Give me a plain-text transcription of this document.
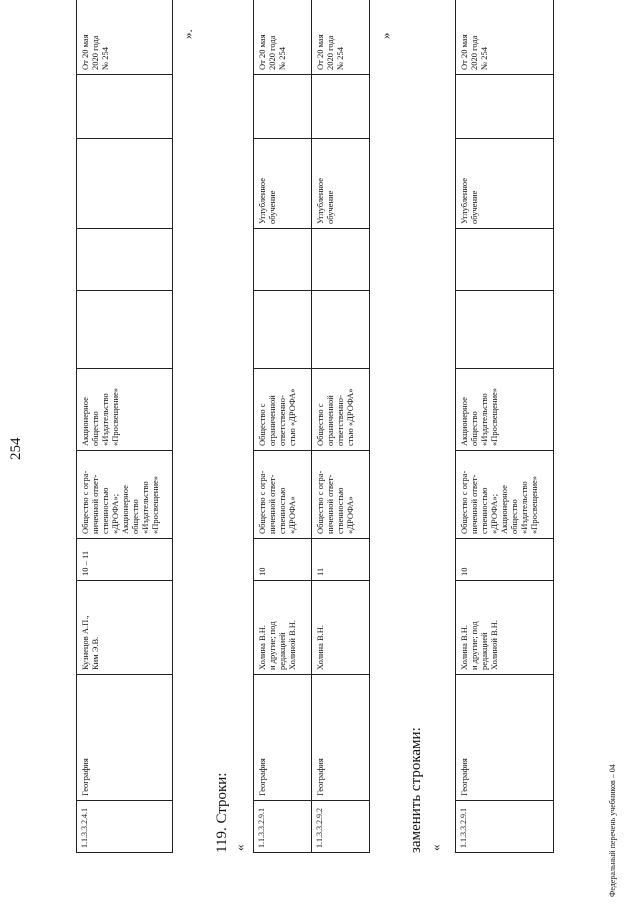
254
1.1.3.3.2.4.1	География	Кузнецов А.П.,
Ким Э.В.	10 – 11	Общество с огра-
ниченной ответ-
ственностью
«ДРОФА»;
Акционерное
общество
«Издательство
«Просвещение»	Акционерное
общество
«Издательство
«Просвещение»					От 20 мая
2020 года
№ 254	
».
119. Строки: « 1.1.3.3.2.9.1	География	Холина В.Н.
и другие; под
редакцией
Холиной В.Н.	10	Общество с огра-
ниченной ответ-
ственностью
«ДРОФА»	Общество с
ограниченной
ответственно-
стью «ДРОФА»			Углубленное
обучение		От 20 мая
2020 года
№ 254	
1.1.3.3.2.9.2	География	Холина В.Н.	11	Общество с огра-
ниченной ответ-
ственностью
«ДРОФА»	Общество с
ограниченной
ответственно-
стью «ДРОФА»			Углубленное
обучение		От 20 мая
2020 года
№ 254	
»
заменить строками: « 1.1.3.3.2.9.1	География	Холина В.Н.
и другие; под
редакцией
Холиной В.Н.	10	Общество с огра-
ниченной ответ-
ственностью
«ДРОФА»;
Акционерное
общество
«Издательство
«Просвещение»	Акционерное
общество
«Издательство
«Просвещение»			Углубленное
обучение		От 20 мая
2020 года
№ 254	
Федеральный перечень учебников – 04
